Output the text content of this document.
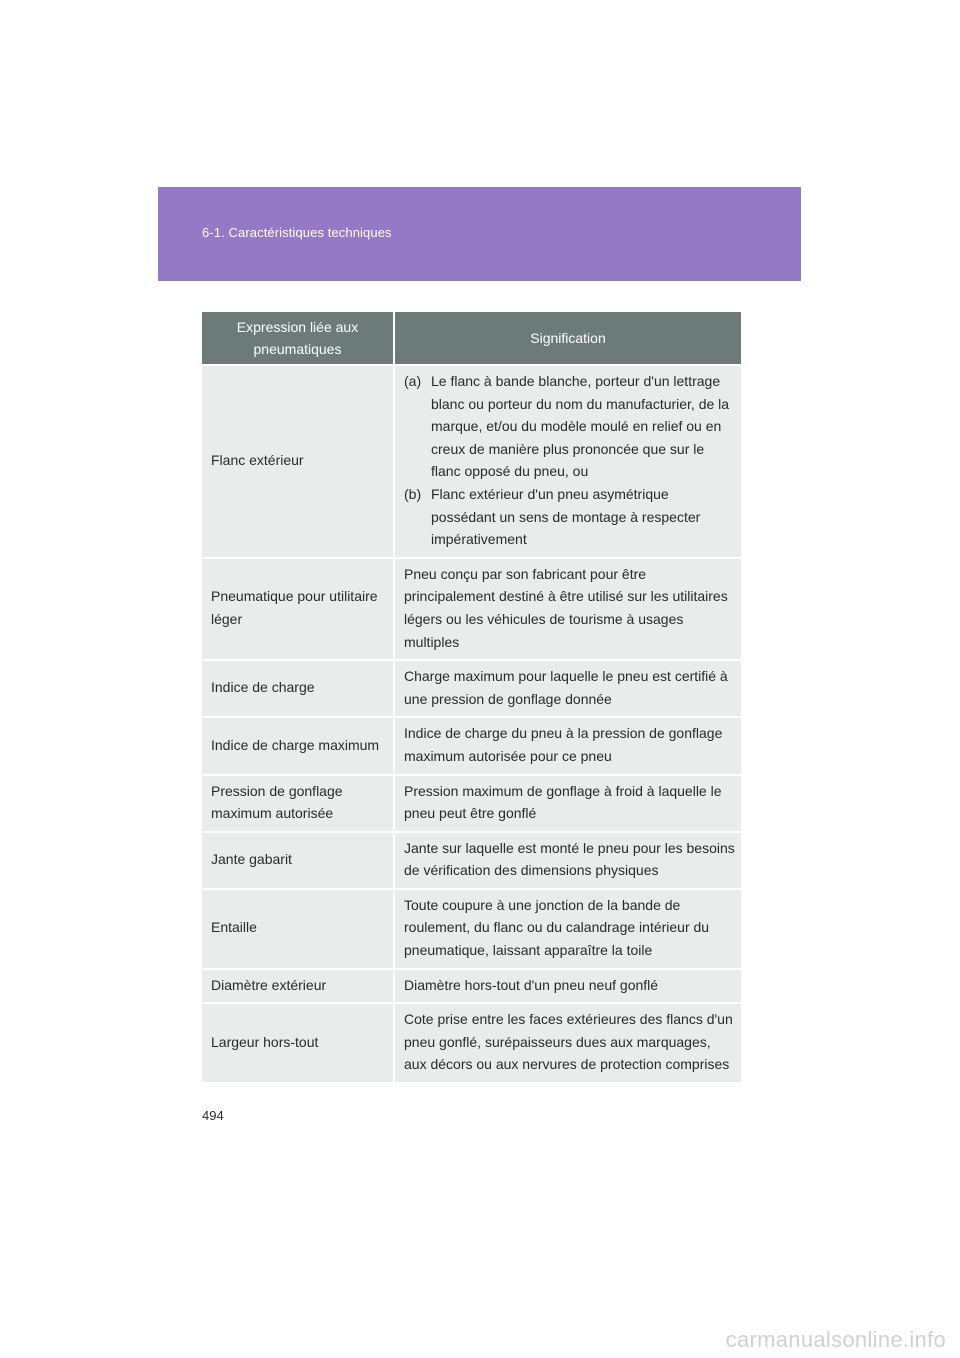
6-1. Caractéristiques techniques
Expression liée aux pneumatiques	Signification
Flanc extérieur	(a) Le flanc à bande blanche, porteur d'un lettrage blanc ou porteur du nom du manufacturier, de la marque, et/ou du modèle moulé en relief ou en creux de manière plus prononcée que sur le flanc opposé du pneu, ou
(b) Flanc extérieur d'un pneu asymétrique possédant un sens de montage à respecter impérativement

Pneumatique pour utilitaire léger	Pneu conçu par son fabricant pour être principalement destiné à être utilisé sur les utilitaires légers ou les véhicules de tourisme à usages multiples
Indice de charge	Charge maximum pour laquelle le pneu est certifié à une pression de gonflage donnée
Indice de charge maximum	Indice de charge du pneu à la pression de gonflage maximum autorisée pour ce pneu
Pression de gonflage maximum autorisée	Pression maximum de gonflage à froid à laquelle le pneu peut être gonflé
Jante gabarit	Jante sur laquelle est monté le pneu pour les besoins de vérification des dimensions physiques
Entaille	Toute coupure à une jonction de la bande de roulement, du flanc ou du calandrage intérieur du pneumatique, laissant apparaître la toile
Diamètre extérieur	Diamètre hors-tout d'un pneu neuf gonflé
Largeur hors-tout	Cote prise entre les faces extérieures des flancs d'un pneu gonflé, surépaisseurs dues aux marquages, aux décors ou aux nervures de protection comprises
494
carmanualsonline.info
